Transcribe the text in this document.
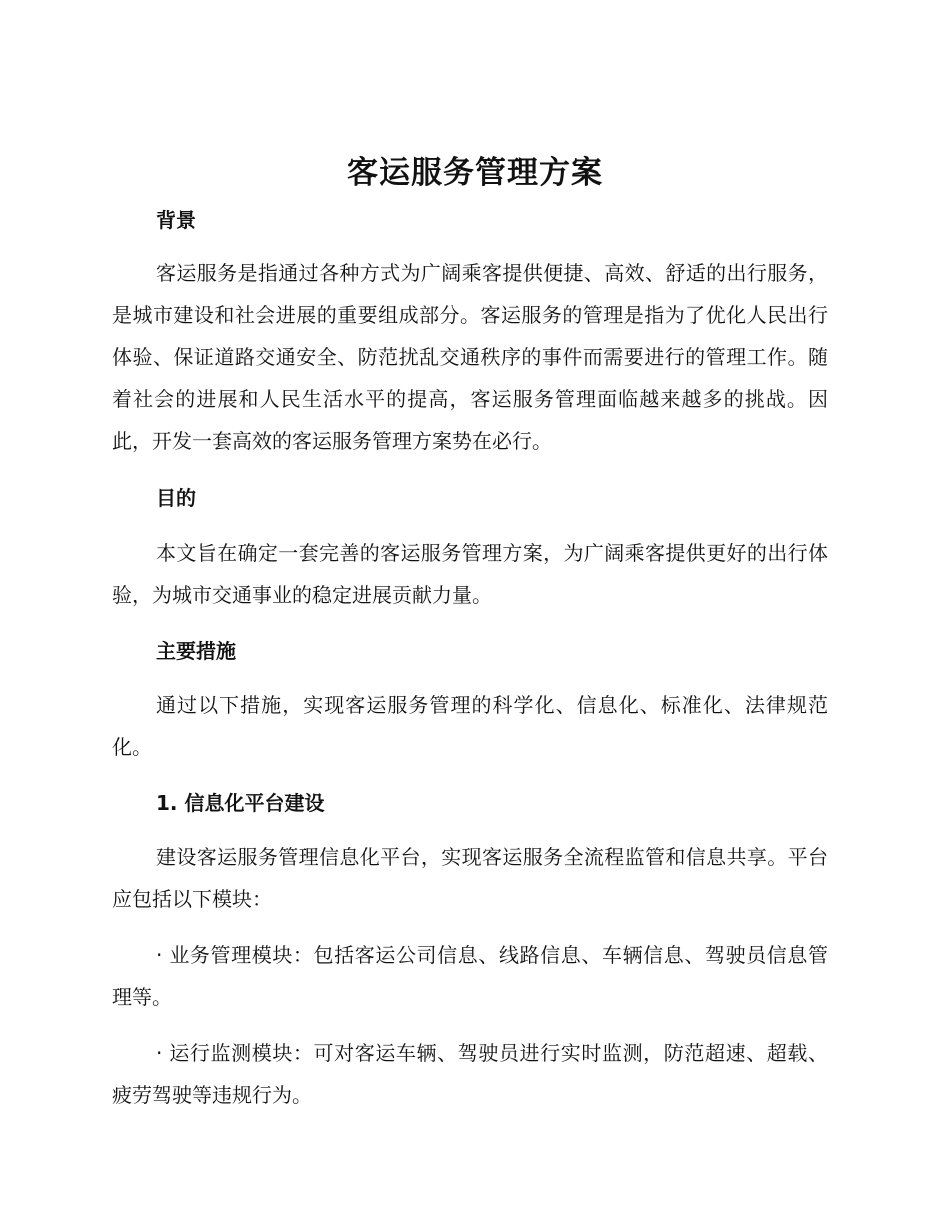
客运服务管理方案
背景

客运服务是指通过各种方式为广阔乘客提供便捷、高效、舒适的出行服务，是城市建设和社会进展的重要组成部分。客运服务的管理是指为了优化人民出行体验、保证道路交通安全、防范扰乱交通秩序的事件而需要进行的管理工作。随着社会的进展和人民生活水平的提高，客运服务管理面临越来越多的挑战。因此，开发一套高效的客运服务管理方案势在必行。

目的

本文旨在确定一套完善的客运服务管理方案，为广阔乘客提供更好的出行体验，为城市交通事业的稳定进展贡献力量。

主要措施

通过以下措施，实现客运服务管理的科学化、信息化、标准化、法律规范化。

1. 信息化平台建设

建设客运服务管理信息化平台，实现客运服务全流程监管和信息共享。平台应包括以下模块：

· 业务管理模块：包括客运公司信息、线路信息、车辆信息、驾驶员信息管理等。

· 运行监测模块：可对客运车辆、驾驶员进行实时监测，防范超速、超载、疲劳驾驶等违规行为。
